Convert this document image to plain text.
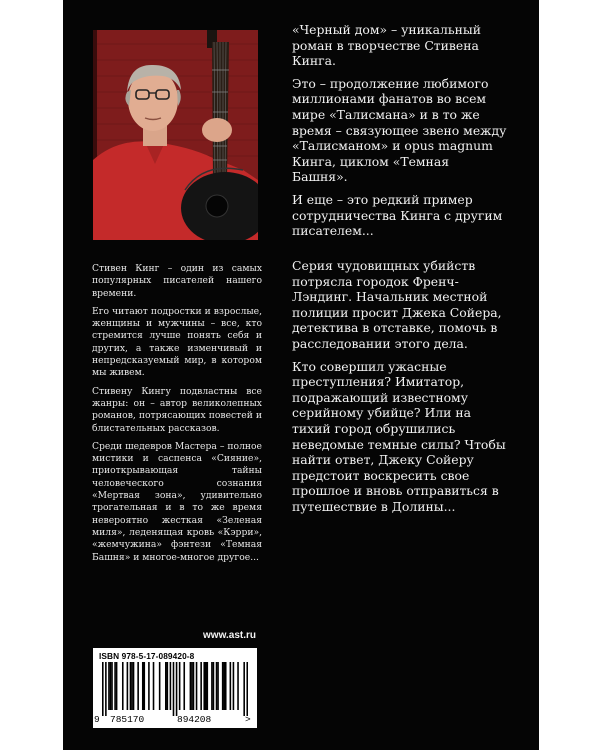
Стивен Кинг – один из самых популярных писателей нашего времени.

Его читают подростки и взрослые, женщины и мужчины – все, кто стремится лучше понять себя и других, а также изменчивый и непредсказуемый мир, в котором мы живем.

Стивену Кингу подвластны все жанры: он – автор великолепных романов, потрясающих повестей и блистательных рассказов.

Среди шедевров Мастера – полное мистики и саспенса «Сияние», приоткрывающая тайны человеческого сознания «Мертвая зона», удивительно трогательная и в то же время невероятно жесткая «Зеленая миля», леденящая кровь «Кэрри», «жемчужина» фэнтези «Темная Башня» и многое-многое другое...

«Черный дом» – уникальный роман в творчестве Стивена Кинга.

Это – продолжение любимого миллионами фанатов во всем мире «Талисмана» и в то же время – связующее звено между «Талисманом» и opus magnum Кинга, циклом «Темная Башня».

И еще – это редкий пример сотрудничества Кинга с другим писателем...

Серия чудовищных убийств потрясла городок Френч-Лэндинг. Начальник местной полиции просит Джека Сойера, детектива в отставке, помочь в расследовании этого дела.

Кто совершил ужасные преступления? Имитатор, подражающий известному серийному убийце? Или на тихий город обрушились неведомые темные силы? Чтобы найти ответ, Джеку Сойеру предстоит воскресить свое прошлое и вновь отправиться в путешествие в Долины...

www.ast.ru
ISBN 978-5-17-089420-8
9 785170	894208	>
